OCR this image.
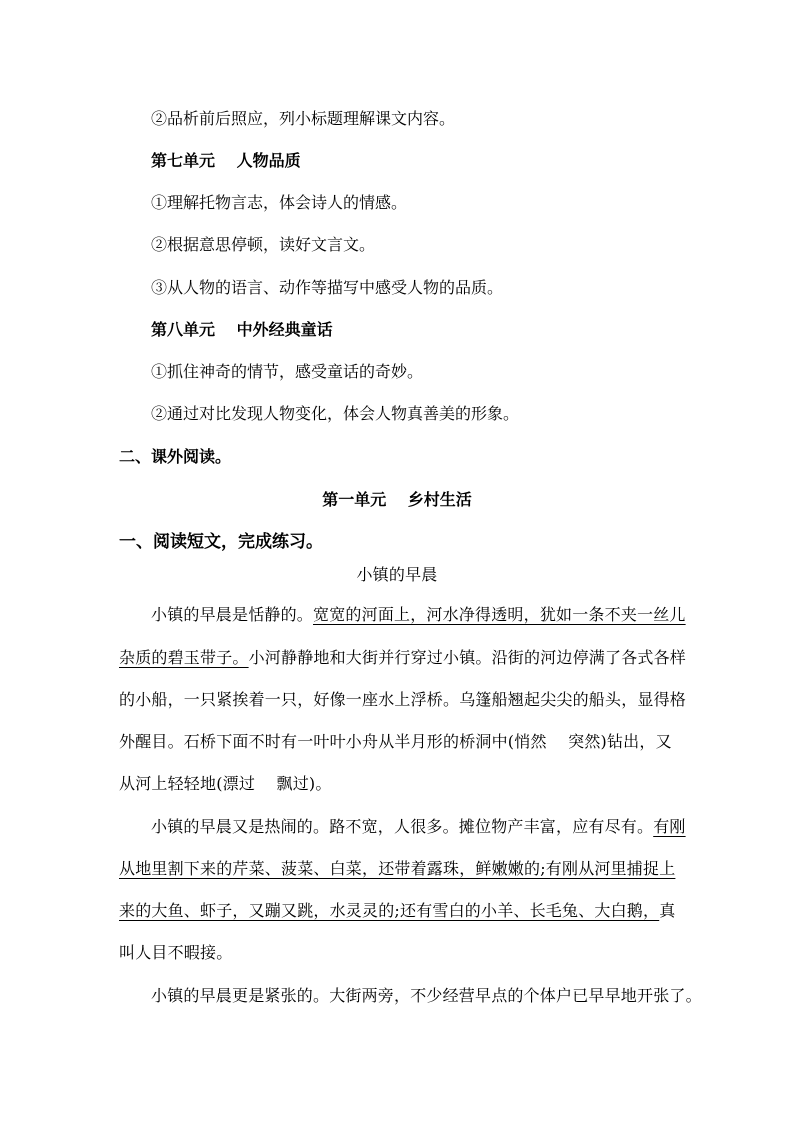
②品析前后照应，列小标题理解课文内容。
第七单元　 人物品质
①理解托物言志，体会诗人的情感。
②根据意思停顿，读好文言文。
③从人物的语言、动作等描写中感受人物的品质。
第八单元　 中外经典童话
①抓住神奇的情节，感受童话的奇妙。
②通过对比发现人物变化，体会人物真善美的形象。
二、课外阅读。
第一单元　 乡村生活
一、阅读短文，完成练习。
小镇的早晨
小镇的早晨是恬静的。宽宽的河面上，河水净得透明，犹如一条不夹一丝儿
杂质的碧玉带子。小河静静地和大街并行穿过小镇。沿街的河边停满了各式各样
的小船，一只紧挨着一只，好像一座水上浮桥。乌篷船翘起尖尖的船头，显得格
外醒目。石桥下面不时有一叶叶小舟从半月形的桥洞中(悄然　 突然)钻出，又
从河上轻轻地(漂过　 飘过)。
小镇的早晨又是热闹的。路不宽，人很多。摊位物产丰富，应有尽有。有刚
从地里割下来的芹菜、菠菜、白菜，还带着露珠，鲜嫩嫩的;有刚从河里捕捉上
来的大鱼、虾子，又蹦又跳，水灵灵的;还有雪白的小羊、长毛兔、大白鹅，真
叫人目不暇接。
小镇的早晨更是紧张的。大街两旁，不少经营早点的个体户已早早地开张了。
